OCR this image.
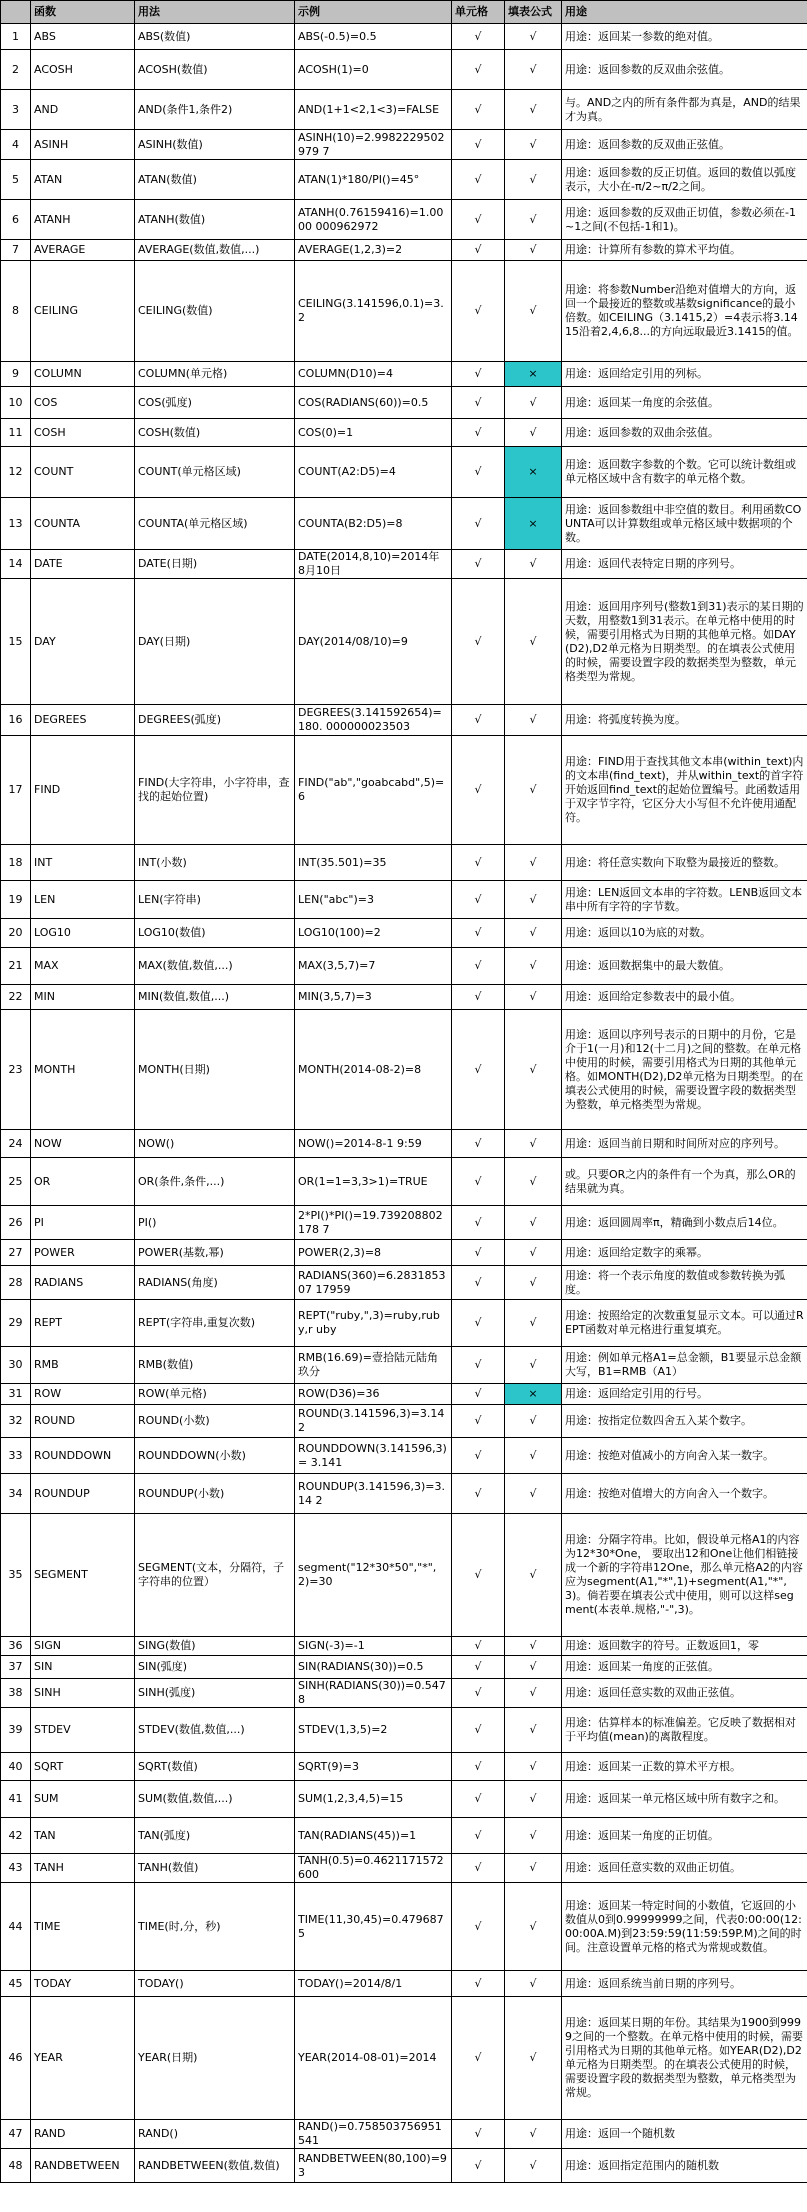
	函数	用法	示例	单元格	填表公式	用途
1	ABS	ABS(数值)	ABS(-0.5)=0.5	√	√	用途：返回某一参数的绝对值。
2	ACOSH	ACOSH(数值)	ACOSH(1)=0	√	√	用途：返回参数的反双曲余弦值。
3	AND	AND(条件1,条件2)	AND(1+1<2,1<3)=FALSE	√	√	与。AND之内的所有条件都为真是，AND的结果才为真。
4	ASINH	ASINH(数值)	ASINH(10)=2.9982229502979 7	√	√	用途：返回参数的反双曲正弦值。
5	ATAN	ATAN(数值)	ATAN(1)*180/PI()=45°	√	√	用途：返回参数的反正切值。返回的数值以弧度表示，大小在-π/2~π/2之间。
6	ATANH	ATANH(数值)	ATANH(0.76159416)=1.0000 000962972	√	√	用途：返回参数的反双曲正切值，参数必须在-1~1之间(不包括-1和1)。
7	AVERAGE	AVERAGE(数值,数值,...)	AVERAGE(1,2,3)=2	√	√	用途：计算所有参数的算术平均值。
8	CEILING	CEILING(数值)	CEILING(3.141596,0.1)=3.2	√	√	用途：将参数Number沿绝对值增大的方向，返回一个最接近的整数或基数significance的最小倍数。如CEILING（3.1415,2）=4表示将3.1415沿着2,4,6,8...的方向远取最近3.1415的值。
9	COLUMN	COLUMN(单元格)	COLUMN(D10)=4	√	×	用途：返回给定引用的列标。
10	COS	COS(弧度)	COS(RADIANS(60))=0.5	√	√	用途：返回某一角度的余弦值。
11	COSH	COSH(数值)	COS(0)=1	√	√	用途：返回参数的双曲余弦值。
12	COUNT	COUNT(单元格区域)	COUNT(A2:D5)=4	√	×	用途：返回数字参数的个数。它可以统计数组或单元格区域中含有数字的单元格个数。
13	COUNTA	COUNTA(单元格区域)	COUNTA(B2:D5)=8	√	×	用途：返回参数组中非空值的数目。利用函数COUNTA可以计算数组或单元格区域中数据项的个数。
14	DATE	DATE(日期)	DATE(2014,8,10)=2014年 8月10日	√	√	用途：返回代表特定日期的序列号。
15	DAY	DAY(日期)	DAY(2014/08/10)=9	√	√	用途：返回用序列号(整数1到31)表示的某日期的天数，用整数1到31表示。在单元格中使用的时候，需要引用格式为日期的其他单元格。如DAY(D2),D2单元格为日期类型。的在填表公式使用的时候，需要设置字段的数据类型为整数，单元格类型为常规。
16	DEGREES	DEGREES(弧度)	DEGREES(3.141592654)=180. 000000023503	√	√	用途：将弧度转换为度。
17	FIND	FIND(大字符串，小字符串，查找的起始位置)	FIND("ab","goabcabd",5)=6	√	√	用途：FIND用于查找其他文本串(within_text)内的文本串(find_text)，并从within_text的首字符开始返回find_text的起始位置编号。此函数适用于双字节字符，它区分大小写但不允许使用通配符。
18	INT	INT(小数)	INT(35.501)=35	√	√	用途：将任意实数向下取整为最接近的整数。
19	LEN	LEN(字符串)	LEN("abc")=3	√	√	用途：LEN返回文本串的字符数。LENB返回文本串中所有字符的字节数。
20	LOG10	LOG10(数值)	LOG10(100)=2	√	√	用途：返回以10为底的对数。
21	MAX	MAX(数值,数值,...)	MAX(3,5,7)=7	√	√	用途：返回数据集中的最大数值。
22	MIN	MIN(数值,数值,...)	MIN(3,5,7)=3	√	√	用途：返回给定参数表中的最小值。
23	MONTH	MONTH(日期)	MONTH(2014-08-2)=8	√	√	用途：返回以序列号表示的日期中的月份，它是介于1(一月)和12(十二月)之间的整数。在单元格中使用的时候，需要引用格式为日期的其他单元格。如MONTH(D2),D2单元格为日期类型。的在填表公式使用的时候，需要设置字段的数据类型为整数，单元格类型为常规。
24	NOW	NOW()	NOW()=2014-8-1 9:59	√	√	用途：返回当前日期和时间所对应的序列号。
25	OR	OR(条件,条件,...)	OR(1=1=3,3>1)=TRUE	√	√	或。只要OR之内的条件有一个为真，那么OR的结果就为真。
26	PI	PI()	2*PI()*PI()=19.739208802178 7	√	√	用途：返回圆周率π，精确到小数点后14位。
27	POWER	POWER(基数,幂)	POWER(2,3)=8	√	√	用途：返回给定数字的乘幂。
28	RADIANS	RADIANS(角度)	RADIANS(360)=6.283185307 17959	√	√	用途：将一个表示角度的数值或参数转换为弧度。
29	REPT	REPT(字符串,重复次数)	REPT("ruby,",3)=ruby,ruby,r uby	√	√	用途：按照给定的次数重复显示文本。可以通过REPT函数对单元格进行重复填充。
30	RMB	RMB(数值)	RMB(16.69)=壹拾陆元陆角玖分	√	√	用途：例如单元格A1=总金额，B1要显示总金额大写，B1=RMB（A1）
31	ROW	ROW(单元格)	ROW(D36)=36	√	×	用途：返回给定引用的行号。
32	ROUND	ROUND(小数)	ROUND(3.141596,3)=3.142	√	√	用途：按指定位数四舍五入某个数字。
33	ROUNDDOWN	ROUNDDOWN(小数)	ROUNDDOWN(3.141596,3)= 3.141	√	√	用途：按绝对值减小的方向舍入某一数字。
34	ROUNDUP	ROUNDUP(小数)	ROUNDUP(3.141596,3)=3.14 2	√	√	用途：按绝对值增大的方向舍入一个数字。
35	SEGMENT	SEGMENT(文本，分隔符，子字符串的位置）	segment("12*30*50","*", 2)=30	√	√	用途：分隔字符串。比如，假设单元格A1的内容为12*30*One， 要取出12和One让他们相链接成一个新的字符串12One，那么单元格A2的内容应为segment(A1,"*",1)+segment(A1,"*",3)。倘若要在填表公式中使用，则可以这样segment(本表单.规格,"-",3)。
36	SIGN	SING(数值)	SIGN(-3)=-1	√	√	用途：返回数字的符号。正数返回1，零
37	SIN	SIN(弧度)	SIN(RADIANS(30))=0.5	√	√	用途：返回某一角度的正弦值。
38	SINH	SINH(弧度)	SINH(RADIANS(30))=0.5478	√	√	用途：返回任意实数的双曲正弦值。
39	STDEV	STDEV(数值,数值,...)	STDEV(1,3,5)=2	√	√	用途：估算样本的标准偏差。它反映了数据相对于平均值(mean)的离散程度。
40	SQRT	SQRT(数值)	SQRT(9)=3	√	√	用途：返回某一正数的算术平方根。
41	SUM	SUM(数值,数值,...)	SUM(1,2,3,4,5)=15	√	√	用途：返回某一单元格区域中所有数字之和。
42	TAN	TAN(弧度)	TAN(RADIANS(45))=1	√	√	用途：返回某一角度的正切值。
43	TANH	TANH(数值)	TANH(0.5)=0.4621171572600	√	√	用途：返回任意实数的双曲正切值。
44	TIME	TIME(时,分，秒)	TIME(11,30,45)=0.4796875	√	√	用途：返回某一特定时间的小数值，它返回的小数值从0到0.99999999之间，代表0:00:00(12:00:00A.M)到23:59:59(11:59:59P.M)之间的时间。注意设置单元格的格式为常规或数值。
45	TODAY	TODAY()	TODAY()=2014/8/1	√	√	用途：返回系统当前日期的序列号。
46	YEAR	YEAR(日期)	YEAR(2014-08-01)=2014	√	√	用途：返回某日期的年份。其结果为1900到9999之间的一个整数。在单元格中使用的时候，需要引用格式为日期的其他单元格。如YEAR(D2),D2单元格为日期类型。的在填表公式使用的时候，需要设置字段的数据类型为整数，单元格类型为常规。
47	RAND	RAND()	RAND()=0.758503756951541	√	√	用途：返回一个随机数
48	RANDBETWEEN	RANDBETWEEN(数值,数值)	RANDBETWEEN(80,100)=9 3	√	√	用途：返回指定范围内的随机数
